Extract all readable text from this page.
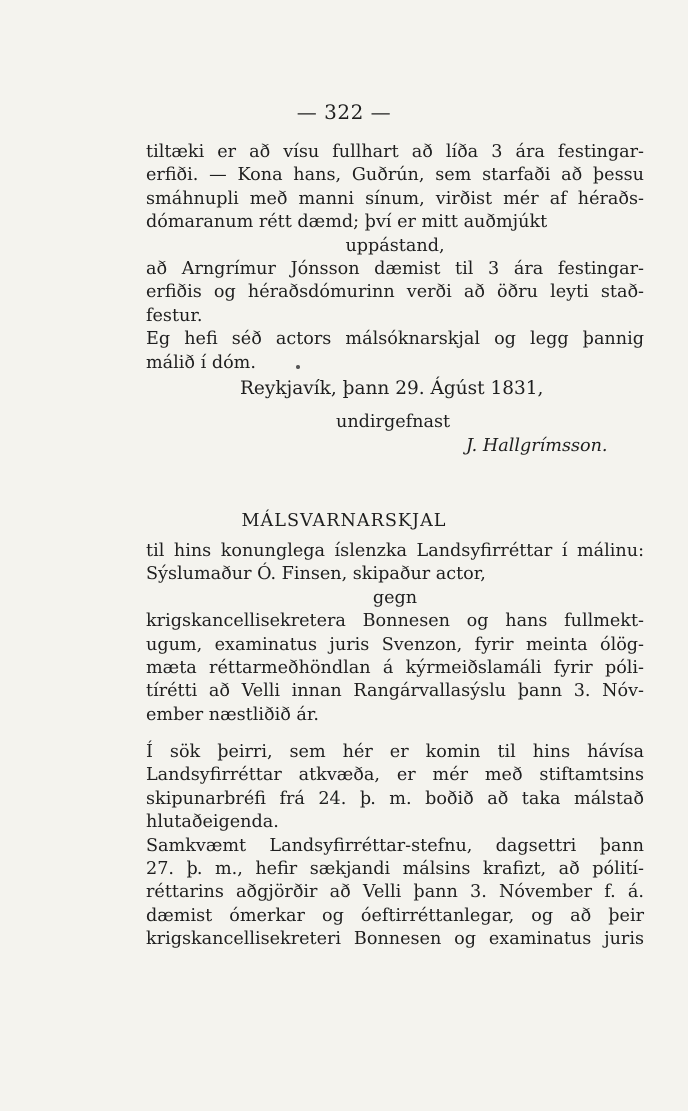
— 322 —
tiltæki er að vísu fullhart að líða 3 ára festingar-
erfiði. — Kona hans, Guðrún, sem starfaði að þessu
smáhnupli með manni sínum, virðist mér af héraðs-
dómaranum rétt dæmd; því er mitt auðmjúkt
uppástand,
að Arngrímur Jónsson dæmist til 3 ára festingar-
erfiðis og héraðsdómurinn verði að öðru leyti stað-
festur.
Eg hefi séð actors málsóknarskjal og legg þannig
málið í dóm.
Reykjavík, þann 29. Ágúst 1831,
undirgefnast
J. Hallgrímsson.
MÁLSVARNARSKJAL
til hins konunglega íslenzka Landsyfirréttar í málinu:
Sýslumaður Ó. Finsen, skipaður actor,
gegn
krigskancellisekretera Bonnesen og hans fullmekt-
ugum, examinatus juris Svenzon, fyrir meinta ólög-
mæta réttarmeðhöndlan á kýrmeiðslamáli fyrir póli-
tírétti að Velli innan Rangárvallasýslu þann 3. Nóv-
ember næstliðið ár.
Í sök þeirri, sem hér er komin til hins hávísa
Landsyfirréttar atkvæða, er mér með stiftamtsins
skipunarbréfi frá 24. þ. m. boðið að taka málstað
hlutaðeigenda.
Samkvæmt Landsyfirréttar-stefnu, dagsettri þann
27. þ. m., hefir sækjandi málsins krafizt, að pólití-
réttarins aðgjörðir að Velli þann 3. Nóvember f. á.
dæmist ómerkar og óeftirréttanlegar, og að þeir
krigskancellisekreteri Bonnesen og examinatus juris
